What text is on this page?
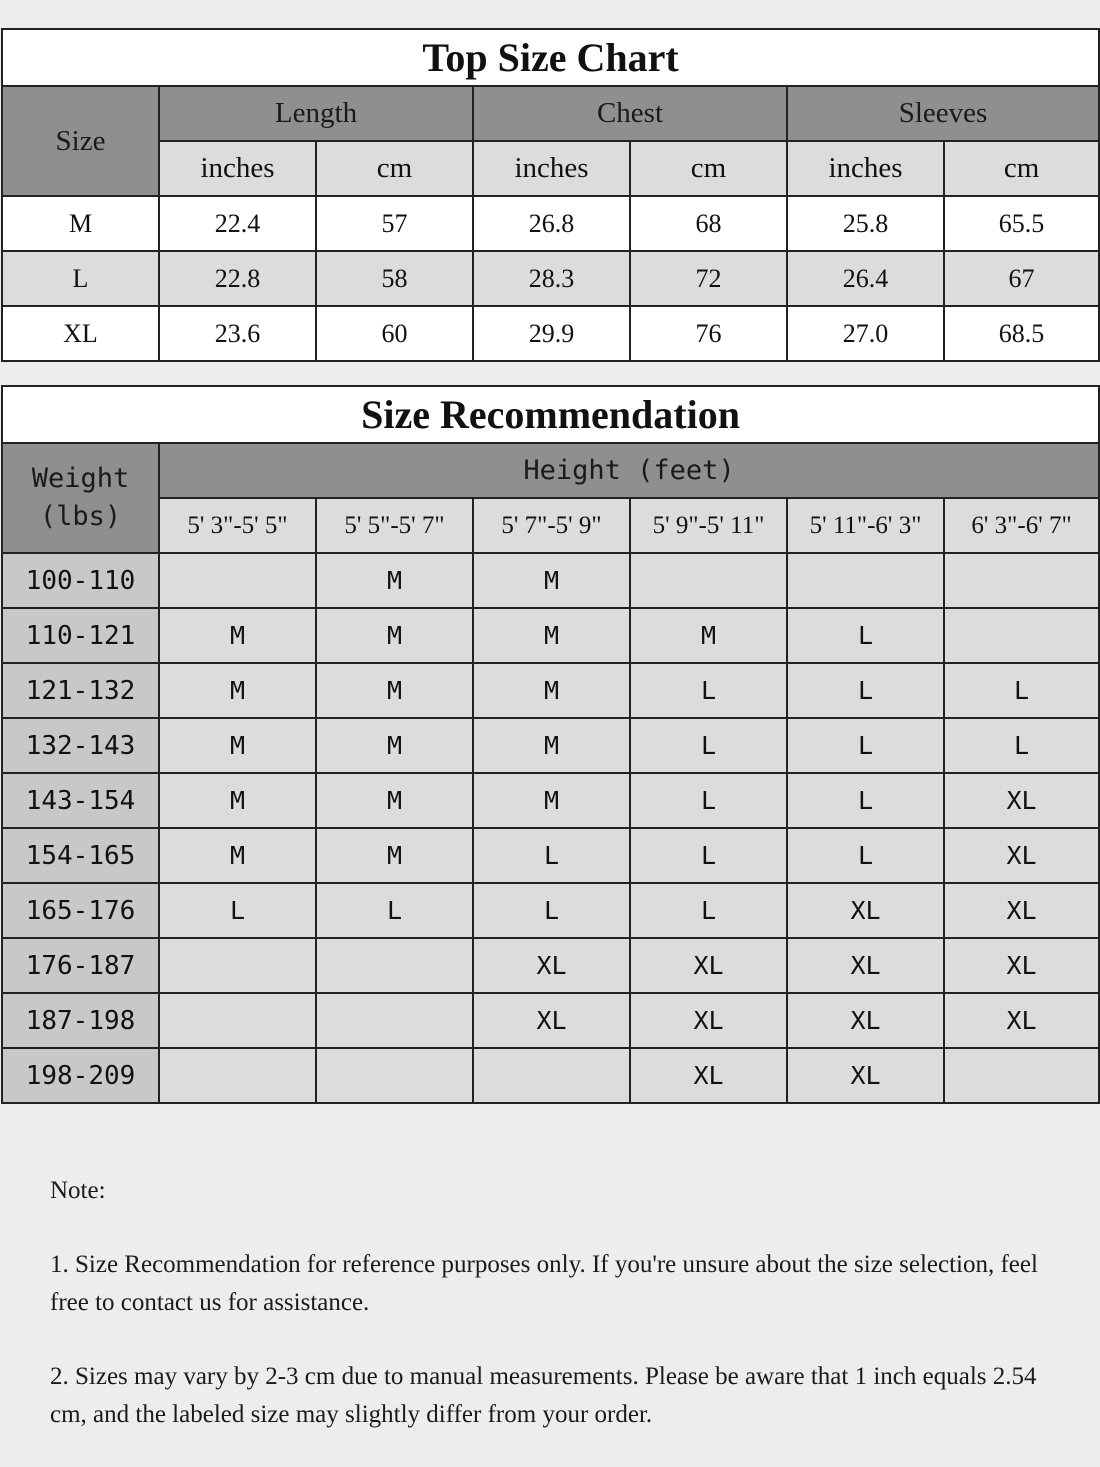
Top Size Chart						
Size	Length		Chest		Sleeves	
	inches	cm	inches	cm	inches	cm
M	22.4	57	26.8	68	25.8	65.5
L	22.8	58	28.3	72	26.4	67
XL	23.6	60	29.9	76	27.0	68.5
Size Recommendation						

Weight
(lbs)	Height (feet)					
	5' 3"-5' 5"	5' 5"-5' 7"	5' 7"-5' 9"	5' 9"-5' 11"	5' 11"-6' 3"	6' 3"-6' 7"
100-110		M	M			
110-121	M	M	M	M	L	
121-132	M	M	M	L	L	L
132-143	M	M	M	L	L	L
143-154	M	M	M	L	L	XL
154-165	M	M	L	L	L	XL
165-176	L	L	L	L	XL	XL
176-187			XL	XL	XL	XL
187-198			XL	XL	XL	XL
198-209				XL	XL	

Note:

1. Size Recommendation for reference purposes only. If you're unsure about the size selection, feel free to contact us for assistance.

2. Sizes may vary by 2-3 cm due to manual measurements. Please be aware that 1 inch equals 2.54 cm, and the labeled size may slightly differ from your order.
